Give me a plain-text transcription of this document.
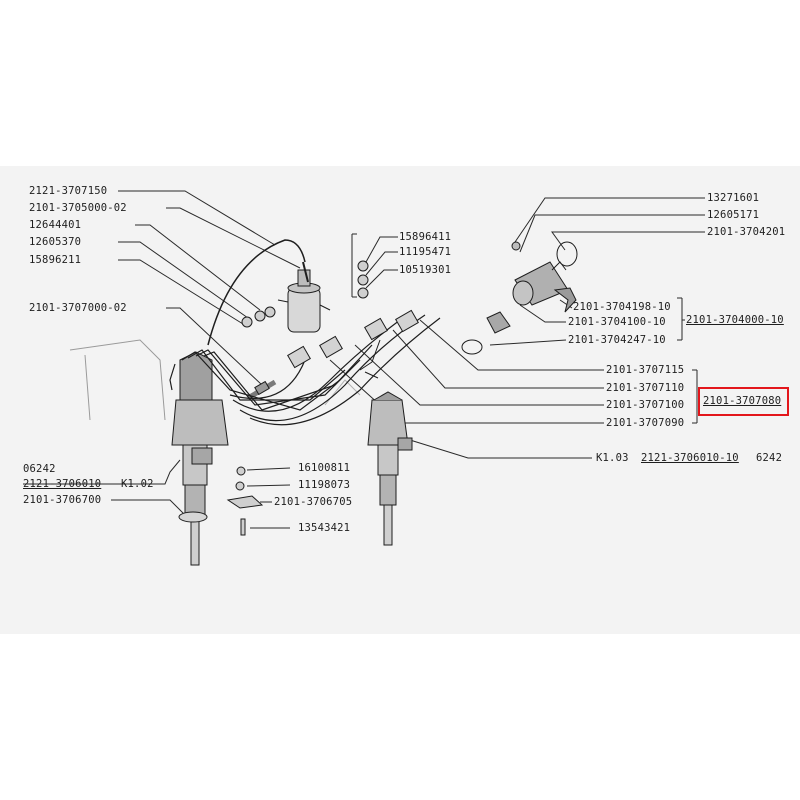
2121-3707150
2101-3705000-02
12644401
12605370
15896211
2101-3707000-02
15896411
11195471
10519301
13271601
12605171
2101-3704201
2101-3704198-10
2101-3704100-10 2101-3704000-10
2101-3704247-10
2101-3707115
2101-3707110
2101-3707100
2101-3707090
2101-3707080
K1.03 2121-3706010-10 6242
06242
2121-3706010 K1.02
2101-3706700
16100811
11198073
2101-3706705
13543421
